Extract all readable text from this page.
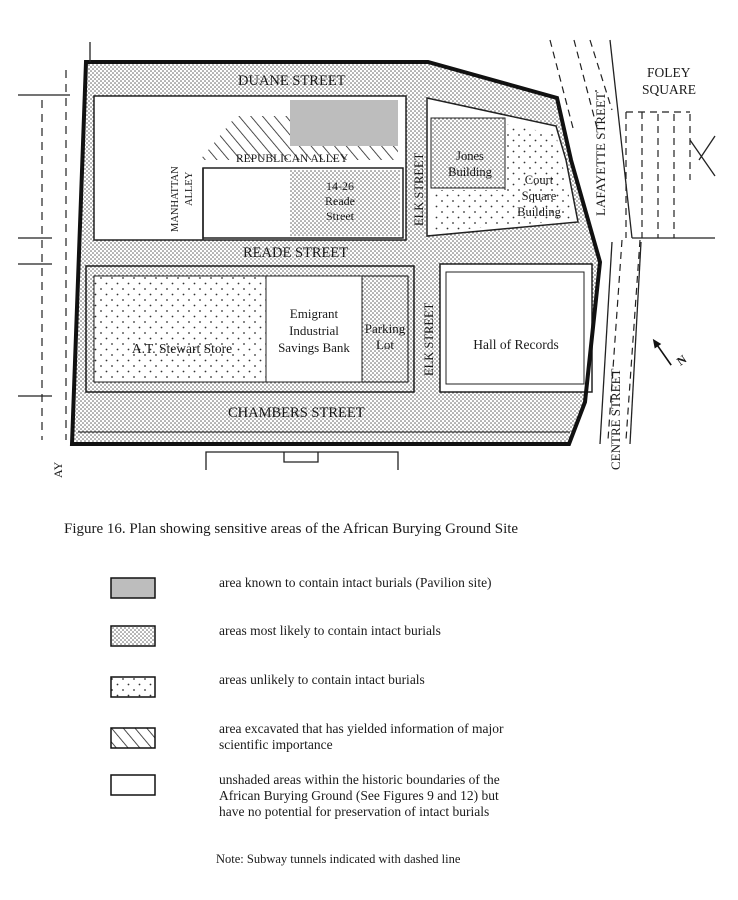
DUANE STREET
READE STREET
CHAMBERS STREET
REPUBLICAN ALLEY	ELK STREET
ELK STREET
LAFAYETTE STREET
CENTRE STREET
MANHATTAN ALLEY
FOLEY
SQUARE
AY
14-26
Reade
Street
Jones
Building
Court
Square
Building
A.T. Stewart Store
Emigrant
Industrial
Savings Bank
Parking
Lot	Hall of Records
N
Figure 16. Plan showing sensitive areas of the African Burying Ground Site
area known to contain intact burials (Pavilion site)
areas most likely to contain intact burials
areas unlikely to contain intact burials
area excavated that has yielded information of major
scientific importance
unshaded areas within the historic boundaries of the
African Burying Ground (See Figures 9 and 12) but
have no potential for preservation of intact burials
Note: Subway tunnels indicated with dashed line
